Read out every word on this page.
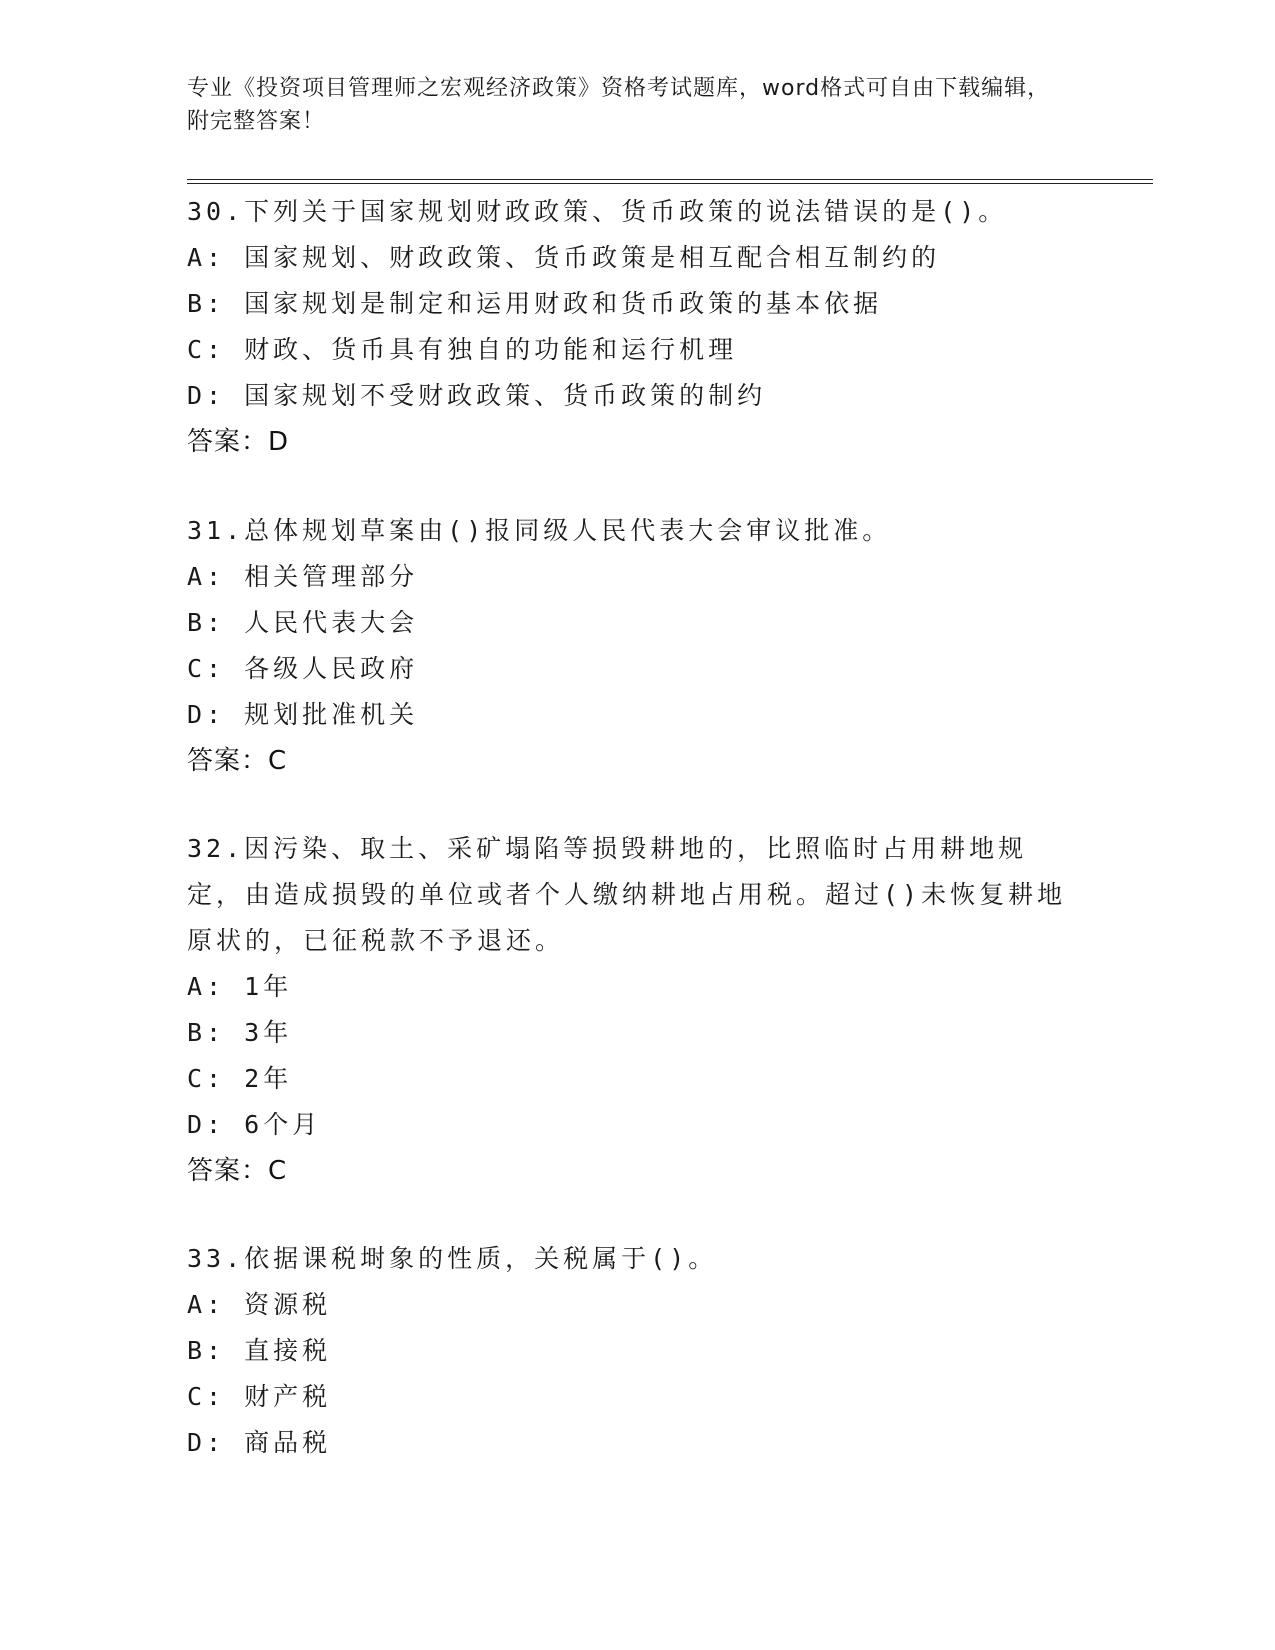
专业《投资项目管理师之宏观经济政策》资格考试题库，word格式可自由下载编辑，附完整答案！

30.下列关于国家规划财政政策、货币政策的说法错误的是()。

A: 国家规划、财政政策、货币政策是相互配合相互制约的

B: 国家规划是制定和运用财政和货币政策的基本依据

C: 财政、货币具有独自的功能和运行机理

D: 国家规划不受财政政策、货币政策的制约

答案：D

31.总体规划草案由()报同级人民代表大会审议批准。

A: 相关管理部分

B: 人民代表大会

C: 各级人民政府

D: 规划批准机关

答案：C

32.因污染、取土、采矿塌陷等损毁耕地的，比照临时占用耕地规定，由造成损毁的单位或者个人缴纳耕地占用税。超过()未恢复耕地原状的，已征税款不予退还。

A: 1年

B: 3年

C: 2年

D: 6个月

答案：C

33.依据课税埘象的性质，关税属于()。

A: 资源税

B: 直接税

C: 财产税

D: 商品税
